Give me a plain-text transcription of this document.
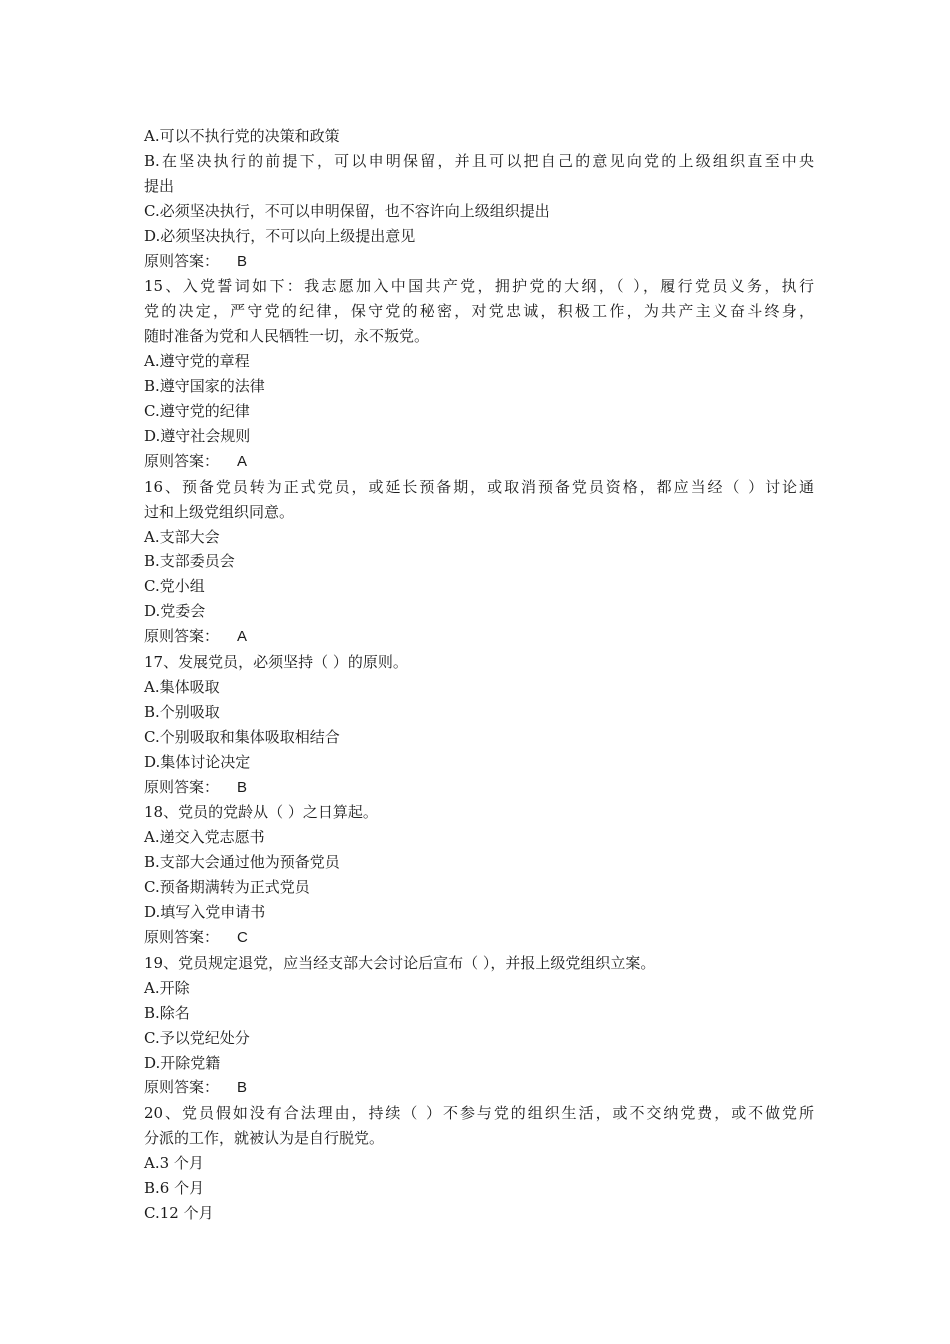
A.可以不执行党的决策和政策
B.在坚决执行的前提下，可以申明保留，并且可以把自己的意见向党的上级组织直至中央
提出
C.必须坚决执行，不可以申明保留，也不容许向上级组织提出
D.必须坚决执行，不可以向上级提出意见
原则答案： B
15、入党誓词如下：我志愿加入中国共产党，拥护党的大纲，（ ），履行党员义务，执行
党的决定，严守党的纪律，保守党的秘密，对党忠诚，积极工作，为共产主义奋斗终身，
随时准备为党和人民牺牲一切，永不叛党。
A.遵守党的章程
B.遵守国家的法律
C.遵守党的纪律
D.遵守社会规则
原则答案： A
16、预备党员转为正式党员，或延长预备期，或取消预备党员资格，都应当经（ ）讨论通
过和上级党组织同意。
A.支部大会
B.支部委员会
C.党小组
D.党委会
原则答案： A
17、发展党员，必须坚持（ ）的原则。
A.集体吸取
B.个别吸取
C.个别吸取和集体吸取相结合
D.集体讨论决定
原则答案： B
18、党员的党龄从（ ）之日算起。
A.递交入党志愿书
B.支部大会通过他为预备党员
C.预备期满转为正式党员
D.填写入党申请书
原则答案： C
19、党员规定退党，应当经支部大会讨论后宣布（ ），并报上级党组织立案。
A.开除
B.除名
C.予以党纪处分
D.开除党籍
原则答案： B
20、党员假如没有合法理由，持续（ ）不参与党的组织生活，或不交纳党费，或不做党所
分派的工作，就被认为是自行脱党。
A.3 个月
B.6 个月
C.12 个月
